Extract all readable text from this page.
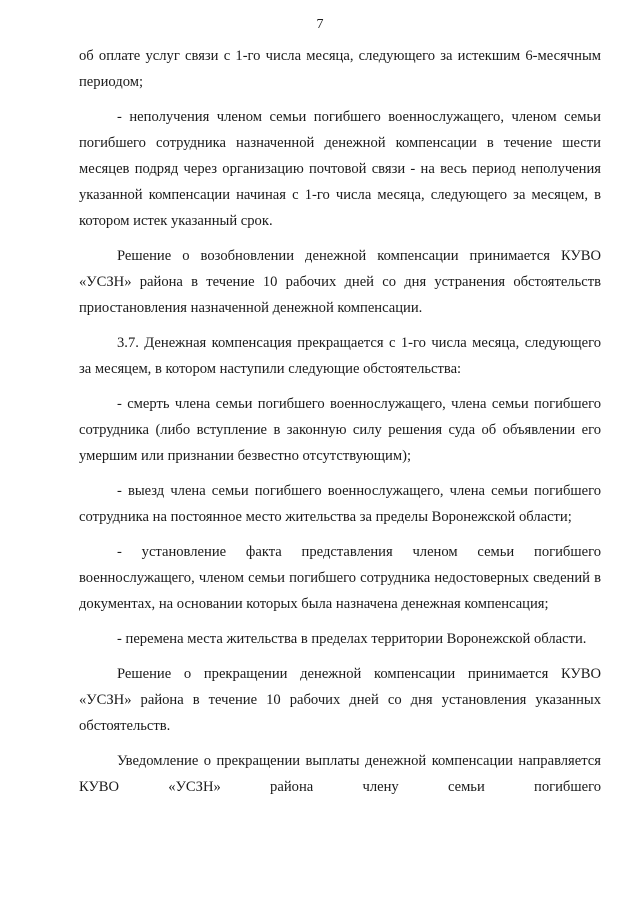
7

об оплате услуг связи с 1-го числа месяца, следующего за истекшим 6-месячным периодом;

- неполучения членом семьи погибшего военнослужащего, членом семьи погибшего сотрудника назначенной денежной компенсации в течение шести месяцев подряд через организацию почтовой связи - на весь период неполучения указанной компенсации начиная с 1-го числа месяца, следующего за месяцем, в котором истек указанный срок.

Решение о возобновлении денежной компенсации принимается КУВО «УСЗН» района в течение 10 рабочих дней со дня устранения обстоятельств приостановления назначенной денежной компенсации.

3.7. Денежная компенсация прекращается с 1-го числа месяца, следующего за месяцем, в котором наступили следующие обстоятельства:

- смерть члена семьи погибшего военнослужащего, члена семьи погибшего сотрудника (либо вступление в законную силу решения суда об объявлении его умершим или признании безвестно отсутствующим);

- выезд члена семьи погибшего военнослужащего, члена семьи погибшего сотрудника на постоянное место жительства за пределы Воронежской области;

- установление факта представления членом семьи погибшего военнослужащего, членом семьи погибшего сотрудника недостоверных сведений в документах, на основании которых была назначена денежная компенсация;

- перемена места жительства в пределах территории Воронежской области.

Решение о прекращении денежной компенсации принимается КУВО «УСЗН» района в течение 10 рабочих дней со дня установления указанных обстоятельств.

Уведомление о прекращении выплаты денежной компенсации направляется КУВО «УСЗН» района члену семьи погибшего
